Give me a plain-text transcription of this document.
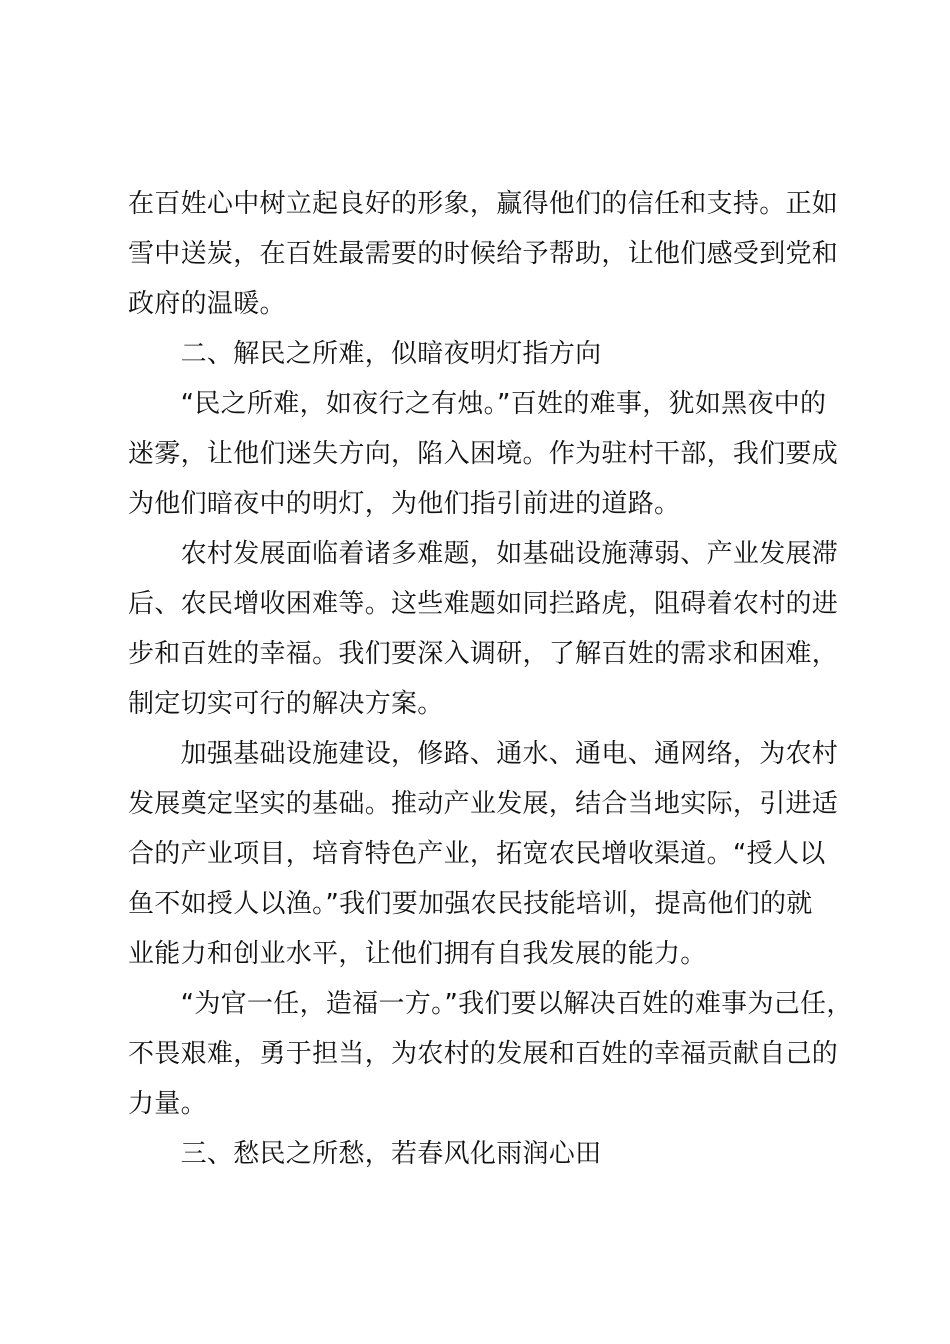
在百姓心中树立起良好的形象，赢得他们的信任和支持。正如
雪中送炭，在百姓最需要的时候给予帮助，让他们感受到党和
政府的温暖。
　　二、解民之所难，似暗夜明灯指方向
　　“民之所难，如夜行之有烛。”百姓的难事，犹如黑夜中的
迷雾，让他们迷失方向，陷入困境。作为驻村干部，我们要成
为他们暗夜中的明灯，为他们指引前进的道路。
　　农村发展面临着诸多难题，如基础设施薄弱、产业发展滞
后、农民增收困难等。这些难题如同拦路虎，阻碍着农村的进
步和百姓的幸福。我们要深入调研，了解百姓的需求和困难，
制定切实可行的解决方案。
　　加强基础设施建设，修路、通水、通电、通网络，为农村
发展奠定坚实的基础。推动产业发展，结合当地实际，引进适
合的产业项目，培育特色产业，拓宽农民增收渠道。“授人以
鱼不如授人以渔。”我们要加强农民技能培训，提高他们的就
业能力和创业水平，让他们拥有自我发展的能力。
　　“为官一任，造福一方。”我们要以解决百姓的难事为己任，
不畏艰难，勇于担当，为农村的发展和百姓的幸福贡献自己的
力量。
　　三、愁民之所愁，若春风化雨润心田
